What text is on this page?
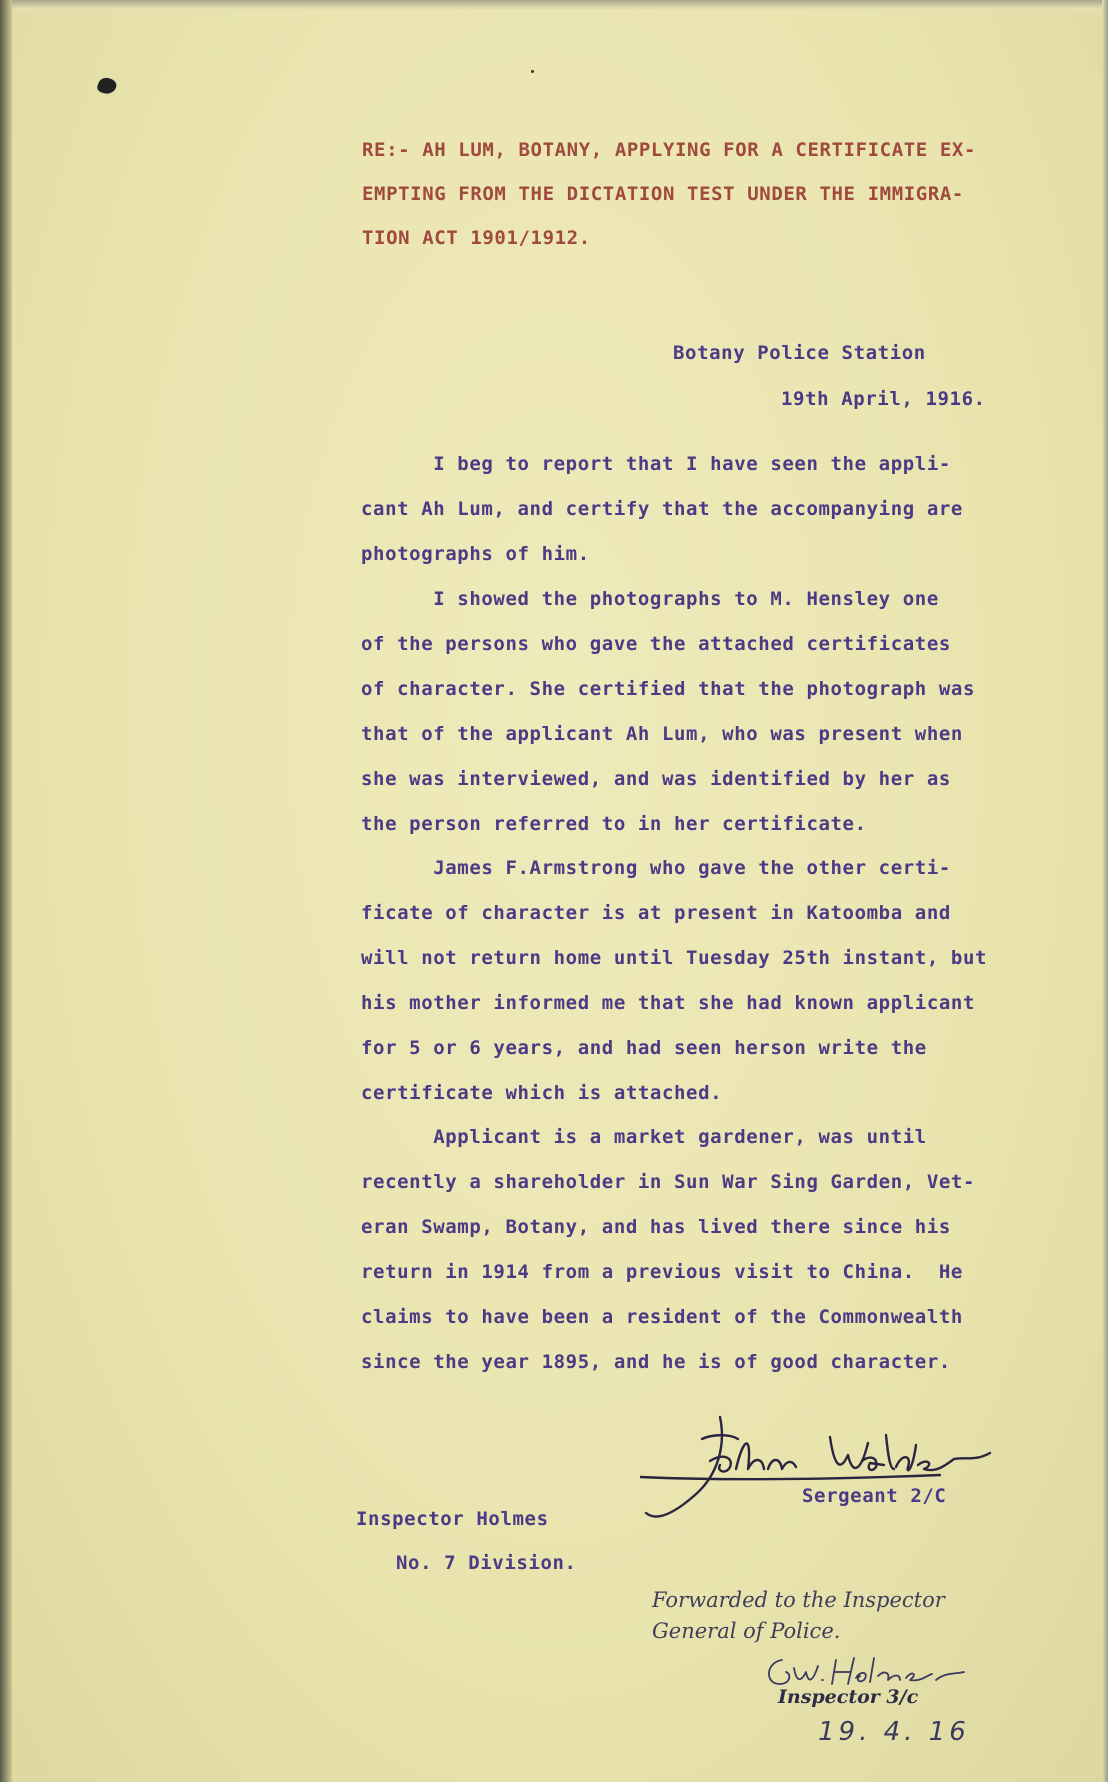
RE:- AH LUM, BOTANY, APPLYING FOR A CERTIFICATE EX-
EMPTING FROM THE DICTATION TEST UNDER THE IMMIGRA-
TION ACT 1901/1912.
Botany Police Station
19th April, 1916.
I beg to report that I have seen the appli-
cant Ah Lum, and certify that the accompanying are
photographs of him.
I showed the photographs to M. Hensley one
of the persons who gave the attached certificates
of character. She certified that the photograph was
that of the applicant Ah Lum, who was present when
she was interviewed, and was identified by her as
the person referred to in her certificate.
James F.Armstrong who gave the other certi-
ficate of character is at present in Katoomba and
will not return home until Tuesday 25th instant, but
his mother informed me that she had known applicant
for 5 or 6 years, and had seen herson write the
certificate which is attached.
Applicant is a market gardener, was until
recently a shareholder in Sun War Sing Garden, Vet-
eran Swamp, Botany, and has lived there since his
return in 1914 from a previous visit to China.  He
claims to have been a resident of the Commonwealth
since the year 1895, and he is of good character.
Sergeant 2/C
Inspector Holmes
No. 7 Division.
Forwarded to the Inspector
General of Police.
Inspector 3/c
19. 4. 16
